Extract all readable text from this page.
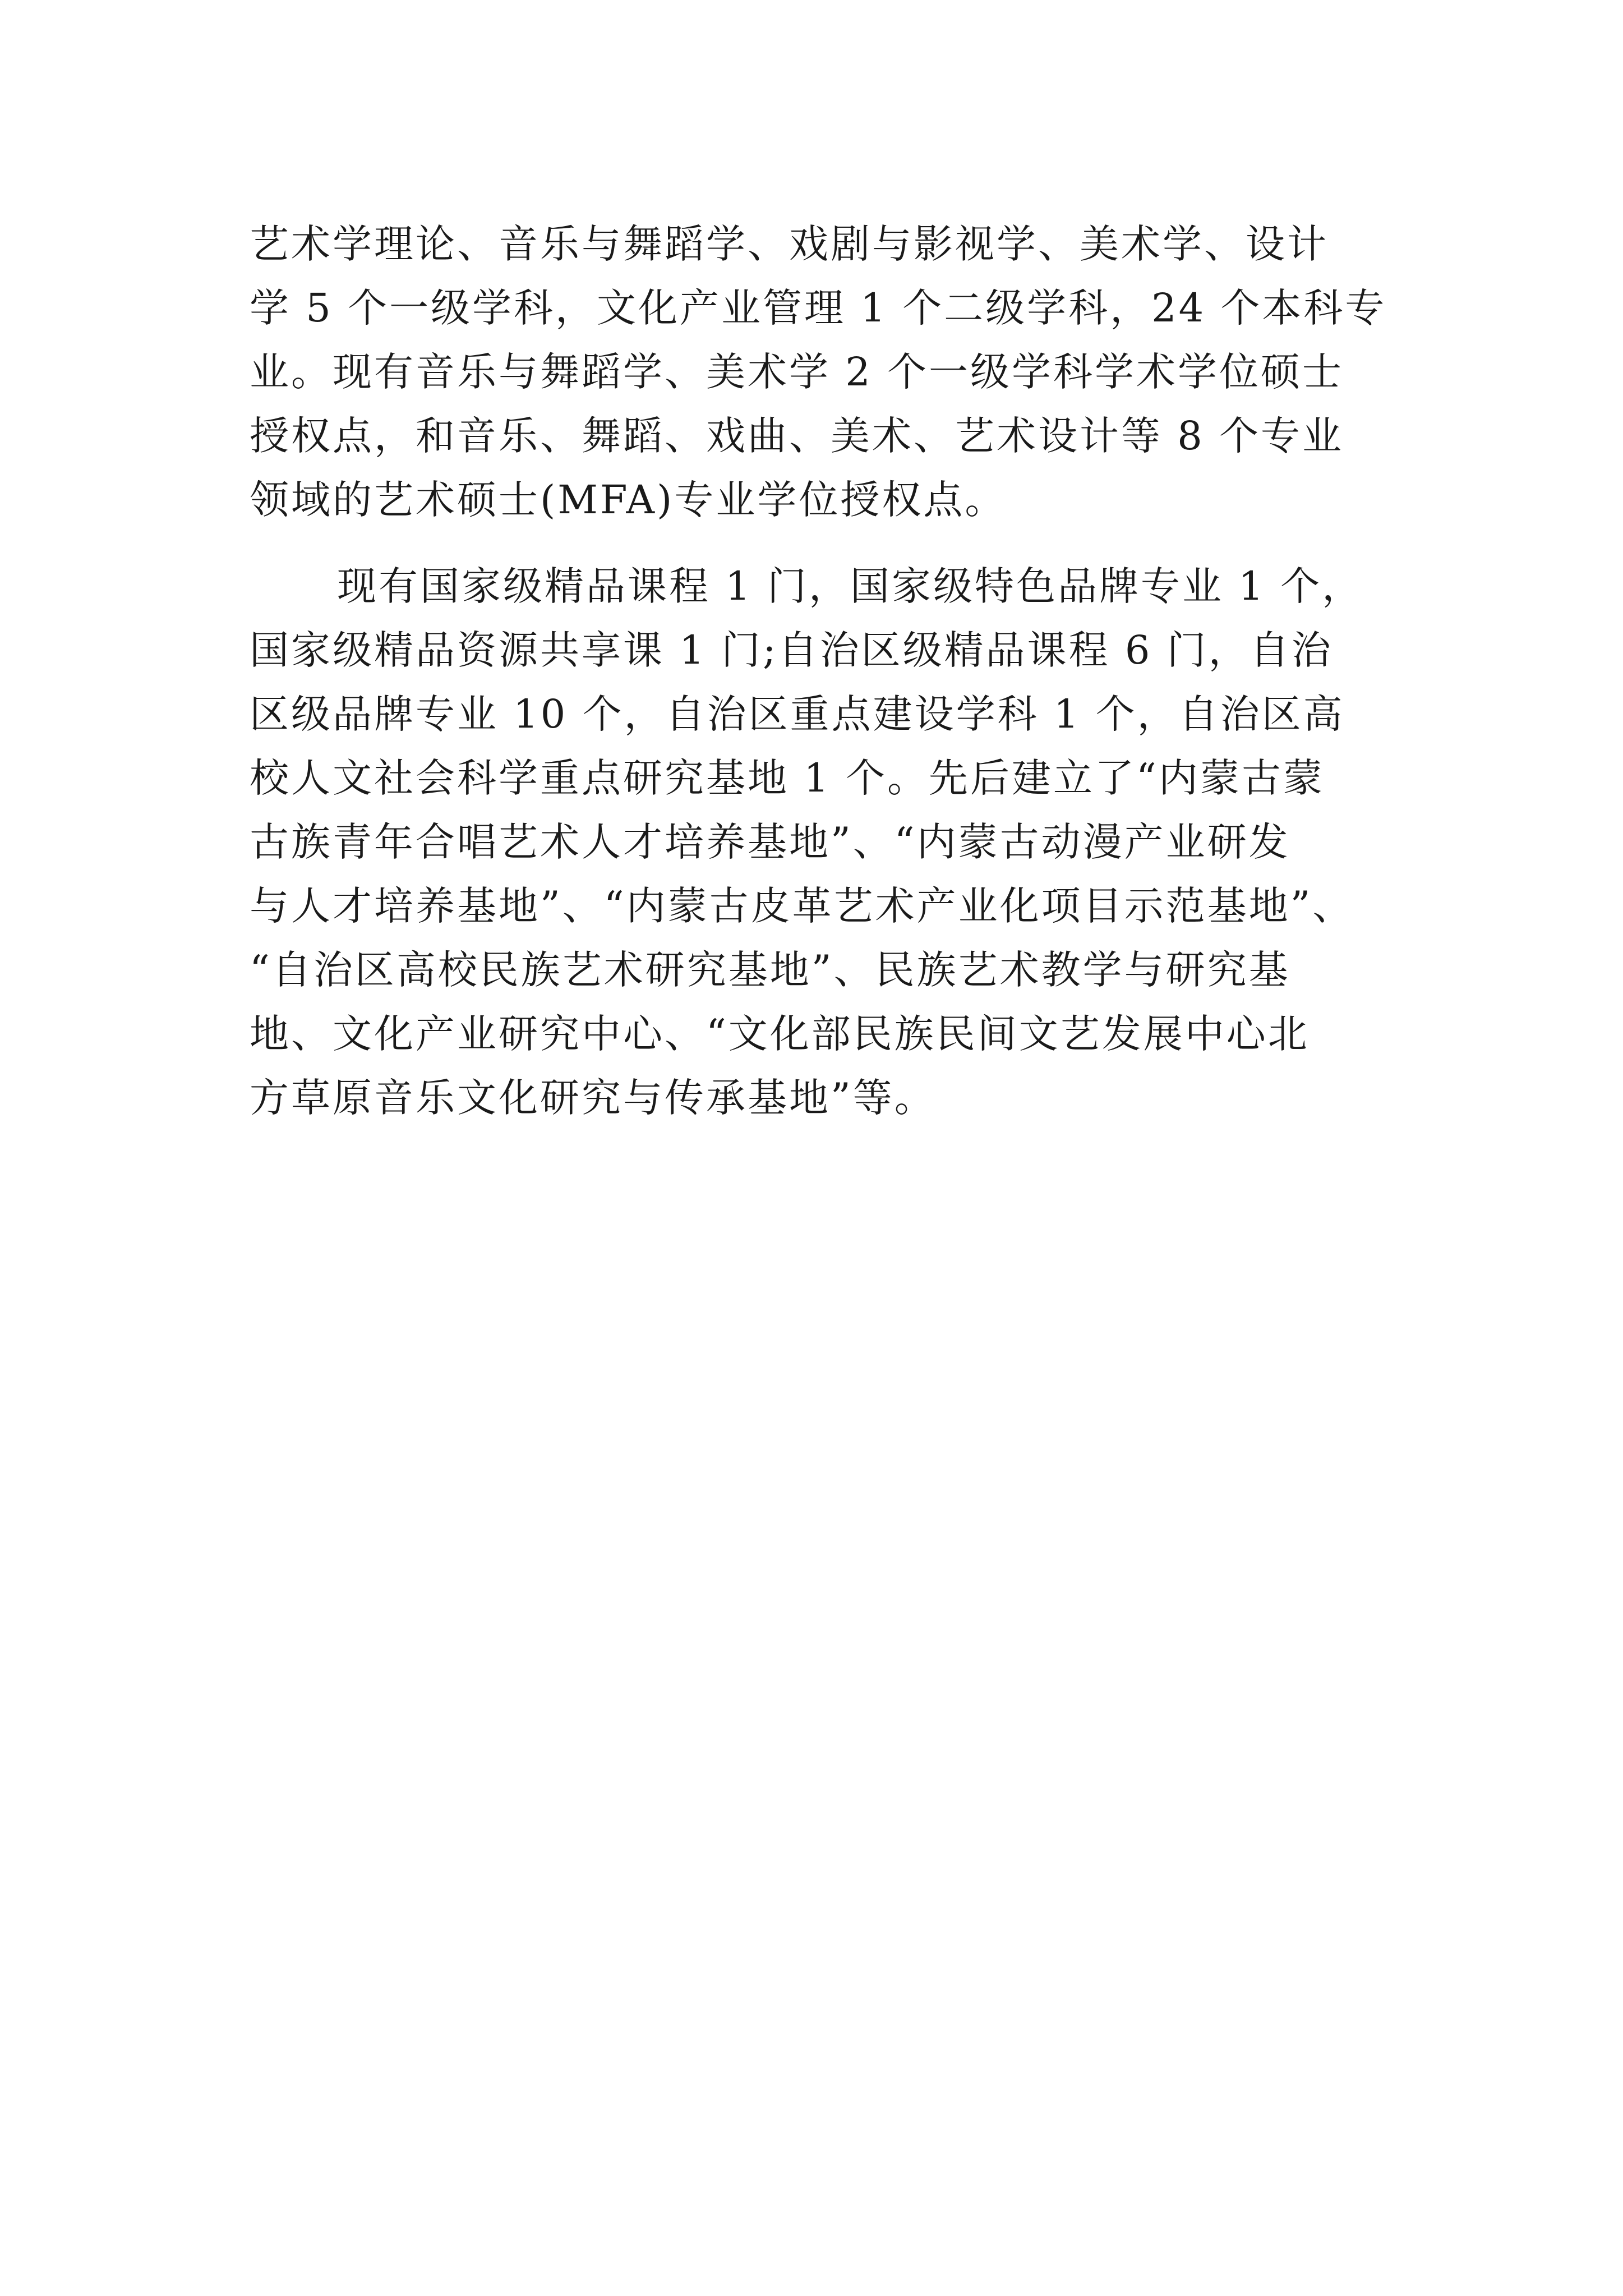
艺术学理论、音乐与舞蹈学、戏剧与影视学、美术学、设计
学 5 个一级学科，文化产业管理 1 个二级学科，24 个本科专
业。现有音乐与舞蹈学、美术学 2 个一级学科学术学位硕士
授权点，和音乐、舞蹈、戏曲、美术、艺术设计等 8 个专业
领域的艺术硕士(MFA)专业学位授权点。
现有国家级精品课程 1 门，国家级特色品牌专业 1 个，
国家级精品资源共享课 1 门;自治区级精品课程 6 门，自治
区级品牌专业 10 个，自治区重点建设学科 1 个，自治区高
校人文社会科学重点研究基地 1 个。先后建立了“内蒙古蒙
古族青年合唱艺术人才培养基地”、“内蒙古动漫产业研发
与人才培养基地”、“内蒙古皮革艺术产业化项目示范基地”、
“自治区高校民族艺术研究基地”、民族艺术教学与研究基
地、文化产业研究中心、“文化部民族民间文艺发展中心北
方草原音乐文化研究与传承基地”等。
